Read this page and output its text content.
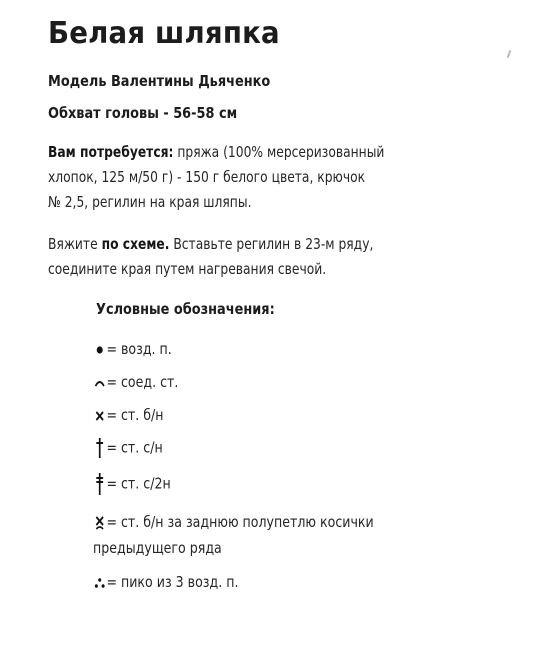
Белая шляпка
Модель Валентины Дьяченко
Обхват головы - 56-58 см
Вам потребуется: пряжа (100% мерсеризованный
хлопок, 125 м/50 г) - 150 г белого цвета, крючок
№ 2,5, регилин на края шляпы.
Вяжите по схеме. Вставьте регилин в 23-м ряду,
соедините края путем нагревания свечой.
Условные обозначения:
= возд. п.
= соед. ст.
= ст. б/н
= ст. с/н
= ст. с/2н
= ст. б/н за заднюю полупетлю косички
предыдущего ряда
= пико из 3 возд. п.
